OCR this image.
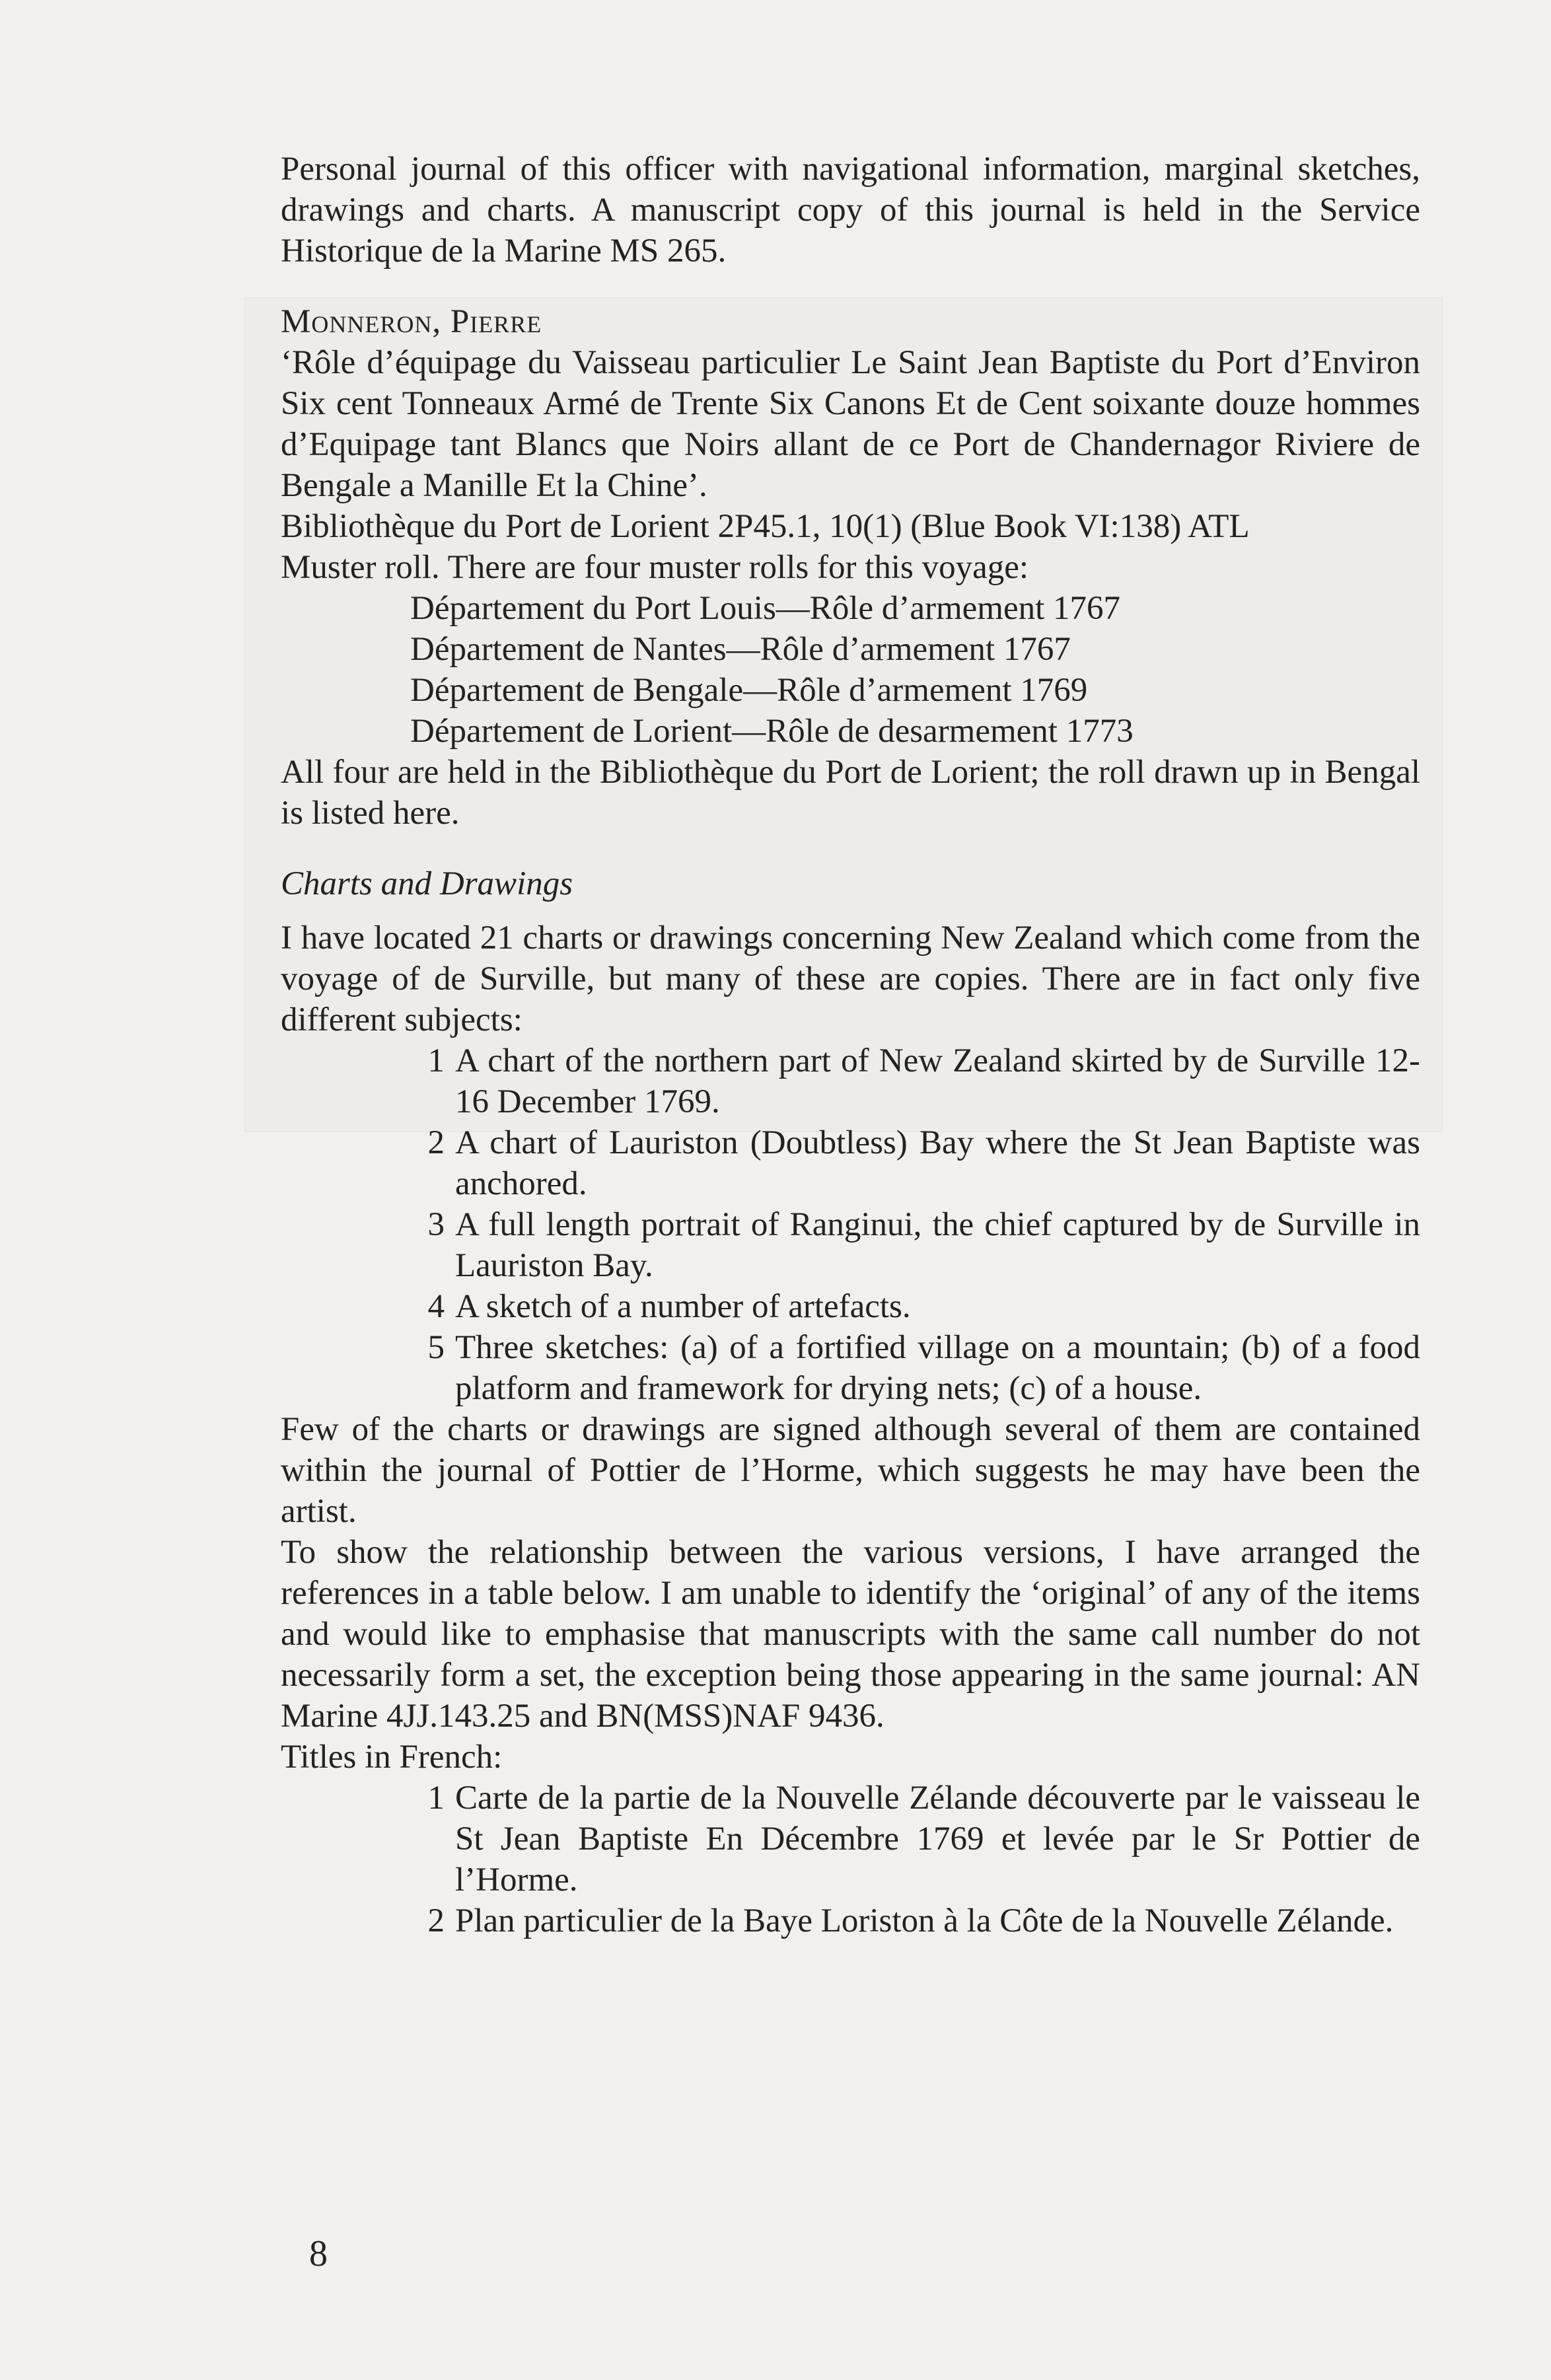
Personal journal of this officer with navigational information, marginal sketches, drawings and charts. A manuscript copy of this journal is held in the Service Historique de la Marine MS 265.

Monneron, Pierre

‘Rôle d’équipage du Vaisseau particulier Le Saint Jean Baptiste du Port d’Environ Six cent Tonneaux Armé de Trente Six Canons Et de Cent soixante douze hommes d’Equipage tant Blancs que Noirs allant de ce Port de Chandernagor Riviere de Bengale a Manille Et la Chine’.

Bibliothèque du Port de Lorient 2P45.1, 10(1) (Blue Book VI:138) ATL

Muster roll. There are four muster rolls for this voyage:

Département du Port Louis—Rôle d’armement 1767
Département de Nantes—Rôle d’armement 1767
Département de Bengale—Rôle d’armement 1769
Département de Lorient—Rôle de desarmement 1773

All four are held in the Bibliothèque du Port de Lorient; the roll drawn up in Bengal is listed here.

Charts and Drawings

I have located 21 charts or drawings concerning New Zealand which come from the voyage of de Surville, but many of these are copies. There are in fact only five different subjects:

1 A chart of the northern part of New Zealand skirted by de Surville 12-16 December 1769.
2 A chart of Lauriston (Doubtless) Bay where the St Jean Baptiste was anchored.
3 A full length portrait of Ranginui, the chief captured by de Surville in Lauriston Bay.
4 A sketch of a number of artefacts.
5 Three sketches: (a) of a fortified village on a mountain; (b) of a food platform and framework for drying nets; (c) of a house.

Few of the charts or drawings are signed although several of them are contained within the journal of Pottier de l’Horme, which suggests he may have been the artist.

To show the relationship between the various versions, I have arranged the references in a table below. I am unable to identify the ‘original’ of any of the items and would like to emphasise that manuscripts with the same call number do not necessarily form a set, the exception being those appearing in the same journal: AN Marine 4JJ.143.25 and BN(MSS)NAF 9436.

Titles in French:

1 Carte de la partie de la Nouvelle Zélande découverte par le vaisseau le St Jean Baptiste En Décembre 1769 et levée par le Sr Pottier de l’Horme.
2 Plan particulier de la Baye Loriston à la Côte de la Nouvelle Zélande.
8
